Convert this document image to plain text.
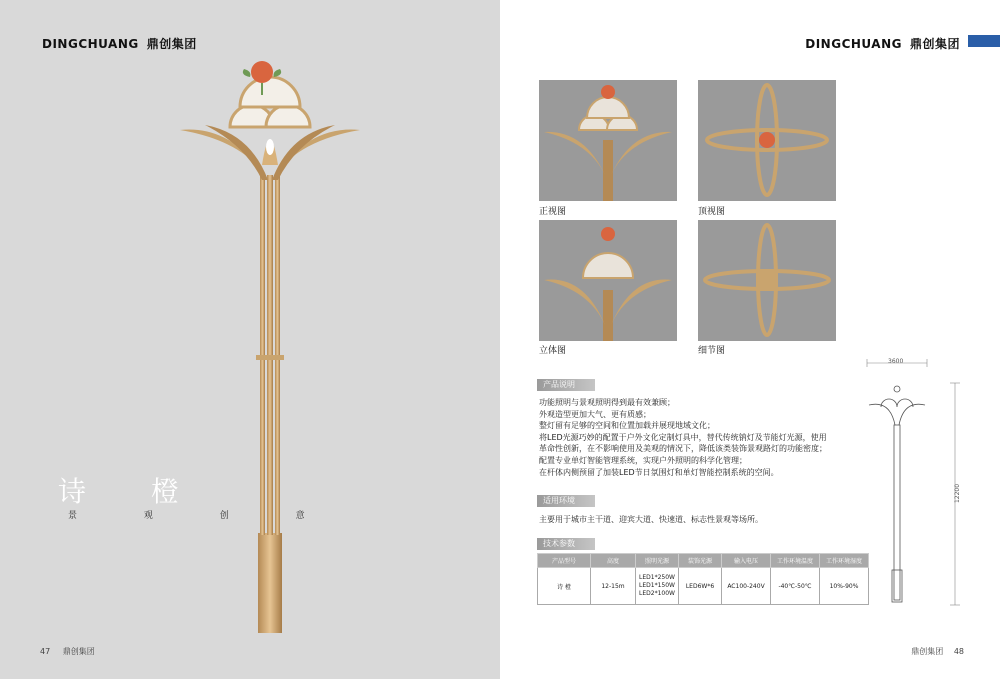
DINGCHUANG 鼎创集团
诗 橙
景 观 创 意
47 鼎创集团
DINGCHUANG 鼎创集团
鼎创集团 48
正视图	顶视图
立体图	细节图
产品说明
功能照明与景观照明得到最有效兼顾；
外观造型更加大气、更有质感；
整灯留有足够的空间和位置加载并展现地域文化；
将LED光源巧妙的配置于户外文化定制灯具中，替代传统钠灯及节能灯光源，使用
革命性创新，在不影响使用及美观的情况下，降低该类装饰景观路灯的功能密度；
配置专业单灯智能管理系统，实现户外照明的科学化管理；
在杆体内侧预留了加装LED节日氛围灯和单灯智能控制系统的空间。
适用环境
主要用于城市主干道、迎宾大道、快速道、标志性景观等场所。
技术参数
产品型号	高度	照明光源	装饰光源	输入电压	工作环境温度	工作环境湿度
诗 橙	12-15m	LED1*250W
LED1*150W
LED2*100W	LED6W*6	AC100-240V	-40℃-50℃	10%-90%
3600
12200
